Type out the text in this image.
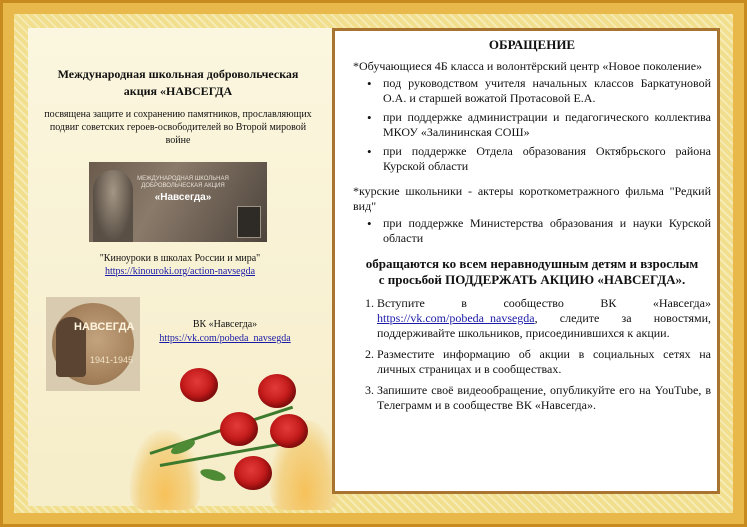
Международная школьная добровольческая акция «НАВСЕГДА
посвящена защите и сохранению памятников, прославляющих подвиг советских героев-освободителей во Второй мировой войне
МЕЖДУНАРОДНАЯ ШКОЛЬНАЯ ДОБРОВОЛЬЧЕСКАЯ АКЦИЯ
«Навсегда»
"Киноуроки в школах России и мира"
https://kinouroki.org/action-navsegda
НАВСЕГДА
1941-1945
ВК «Навсегда»
https://vk.com/pobeda_navsegda
ОБРАЩЕНИЕ

*Обучающиеся 4Б класса и волонтёрский центр «Новое поколение»

• под руководством учителя начальных классов Баркатуновой О.А. и старшей вожатой Протасовой Е.А.
• при поддержке администрации и педагогического коллектива МКОУ «Залининская СОШ»
• при поддержке Отдела образования Октябрьского района Курской области

*курские школьники - актеры короткометражного фильма "Редкий вид"

• при поддержке Министерства образования и науки Курской области
обращаются ко всем неравнодушным детям и взрослым
с просьбой ПОДДЕРЖАТЬ АКЦИЮ «НАВСЕГДА».
1. Вступите в сообщество ВК «Навсегда» https://vk.com/pobeda_navsegda, следите за новостями, поддерживайте школьников, присоединившихся к акции.
2. Разместите информацию об акции в социальных сетях на личных страницах и в сообществах.
3. Запишите своё видеообращение, опубликуйте его на YouTube, в Телеграмм и в сообществе ВК «Навсегда».
